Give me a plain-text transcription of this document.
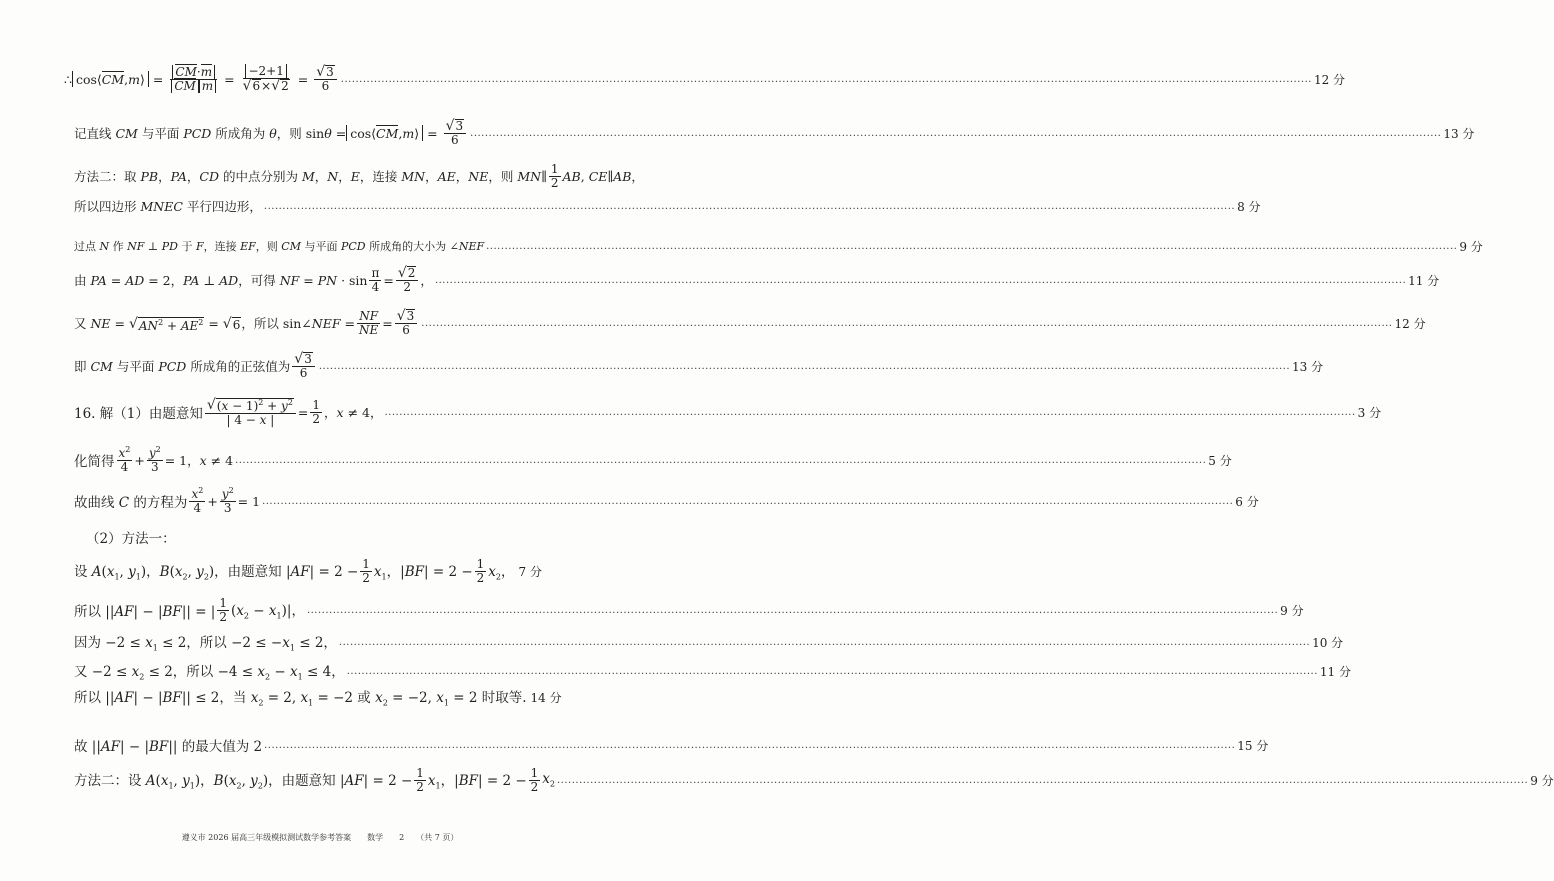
∴ cos⟨ CM , m ⟩ = $\frac{CM\cdot m}{\text{CM m}} = \frac{-2+1}{√ 6 \times √ 2} = \frac{√ 3}{6}$ .....	12 分
记直线 CM 与平面 PCD 所成角为 θ，则 sinθ = cos⟨ CM , m ⟩ = $\frac{√ 3}{6}$ .....	13 分
方法二：取 PB，PA，CD 的中点分别为 M，N，E，连接 MN，AE，NE，则 MN∥ $\frac{1}{2}$ AB, CE∥AB，
所以四边形 MNEC 平行四边形， .....	8 分
过点 N 作 NF ⊥ PD 于 F，连接 EF，则 CM 与平面 PCD 所成角的大小为 ∠NEF .....	9 分
由 PA = AD = 2，PA ⊥ AD，可得 NF = PN · $\sin \frac{\pi}{4} = \frac{√ 2}{2}$ ， .....	11 分
又 NE = √ $AN^2 + AE^2$ = √ 6 ，所以 sin∠NEF = $\frac{NF}{NE} = \frac{√ 3}{6}$ .....	12 分
即 CM 与平面 PCD 所成角的正弦值为 $\frac{√ 3}{6}$ .....	13 分
16. 解（1）由题意知 $\frac{√ (x - 1)^2 + y^2}{| 4 - x |} = \frac{1}{2}$ ，x ≠ 4， .....	3 分
化简得 $\frac{x^2}{4} + \frac{y^2}{3} = 1$，x ≠ 4 .....	5 分
故曲线 C 的方程为 $\frac{x^2}{4} + \frac{y^2}{3} = 1$ .....	6 分
（2）方法一：
设 $A(x_1$, $y_1$)，$B(x_2$, $y_2$)，由题意知 $|AF| = 2 - \frac{1}{2} x_1$，$|BF| = 2 - \frac{1}{2} x_2$， 7 分
所以 ||AF| − |BF|| = | $\frac{1}{2} (x_2 - x_1)|$， .....	9 分
因为 $-2 \le x_1 \le 2$，所以 $-2 \le -x_1 \le 2$， .....	10 分
又 $-2 \le x_2 \le 2$，所以 $-4 \le x_2 - x_1 \le 4$， .....	11 分
所以 ||AF| − |BF|| ≤ 2，当 $x_2 = 2$, $x_1 = -2$ 或 $x_2 = -2$, $x_1 = 2$ 时取等. 14 分
故 ||AF| − |BF|| 的最大值为 2 .....	15 分
方法二：设 $A(x_1$, $y_1$)，$B(x_2$, $y_2$)，由题意知 $|AF| = 2 - \frac{1}{2} x_1$，$|BF| = 2 - \frac{1}{2} x_2$ .....	9 分
遵义市 2026 届高三年级模拟测试数学参考答案　　数学　　2　　（共 7 页）
